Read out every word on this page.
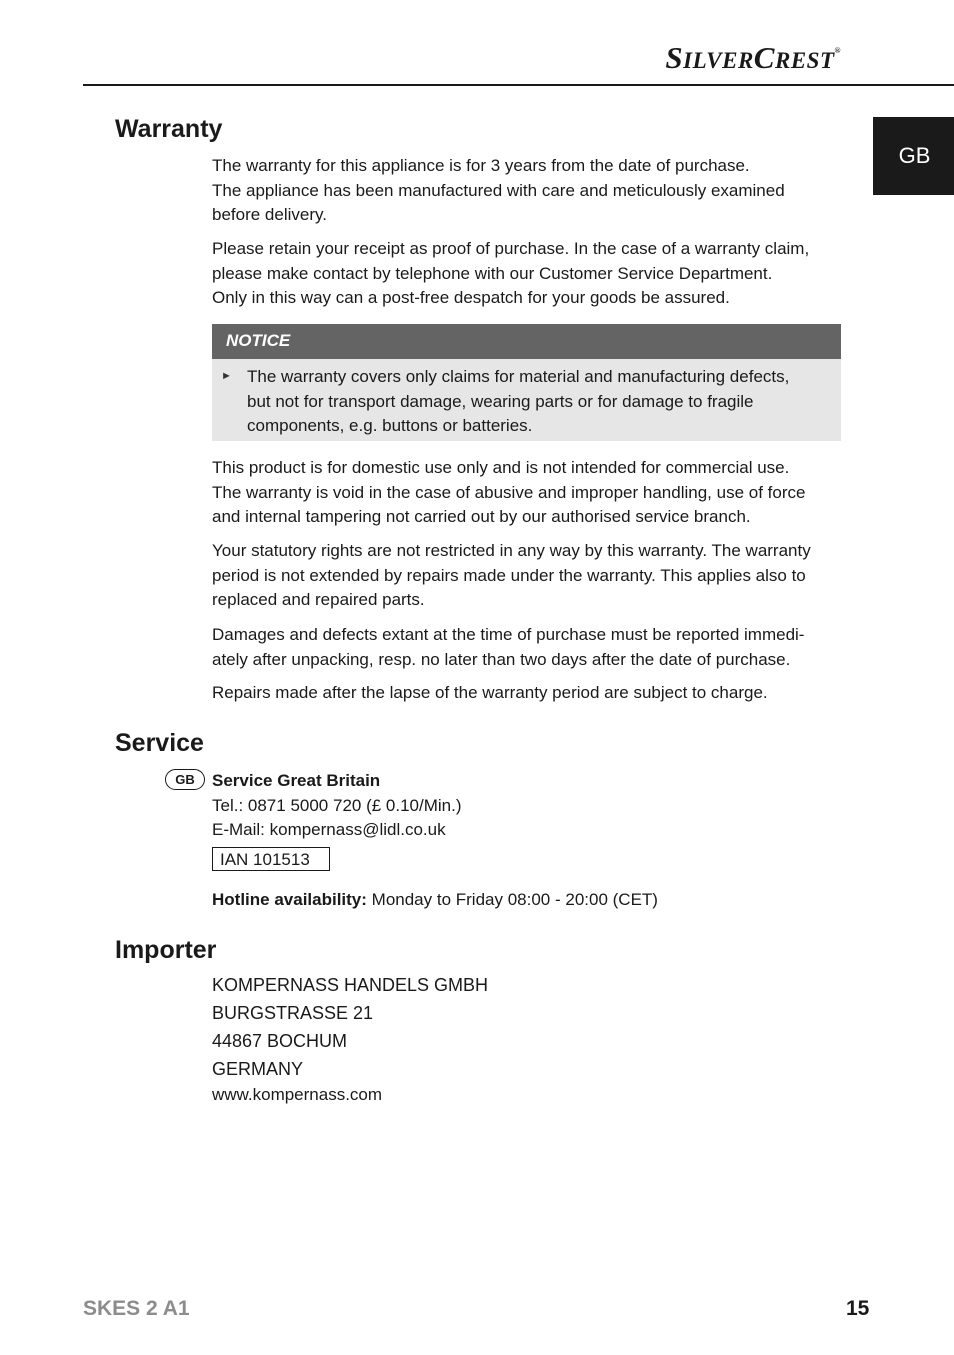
SILVERCREST®
GB
Warranty
The warranty for this appliance is for 3 years from the date of purchase.
The appliance has been manufactured with care and meticulously examined
before delivery.
Please retain your receipt as proof of purchase. In the case of a warranty claim,
please make contact by telephone with our Customer Service Department.
Only in this way can a post-free despatch for your goods be assured.
NOTICE
► The warranty covers only claims for material and manufacturing defects,
but not for transport damage, wearing parts or for damage to fragile
components, e.g. buttons or batteries.
This product is for domestic use only and is not intended for commercial use.
The warranty is void in the case of abusive and improper handling, use of force
and internal tampering not carried out by our authorised service branch.
Your statutory rights are not restricted in any way by this warranty. The warranty
period is not extended by repairs made under the warranty. This applies also to
replaced and repaired parts.
Damages and defects extant at the time of purchase must be reported immedi-
ately after unpacking, resp. no later than two days after the date of purchase.
Repairs made after the lapse of the warranty period are subject to charge.
Service
GB	Service Great Britain
Tel.: 0871 5000 720 (£ 0.10/Min.)
E-Mail: kompernass@lidl.co.uk
IAN 101513
Hotline availability: Monday to Friday 08:00 - 20:00 (CET)
Importer
KOMPERNASS HANDELS GMBH
BURGSTRASSE 21
44867 BOCHUM
GERMANY
www.kompernass.com
SKES 2 A1	15
